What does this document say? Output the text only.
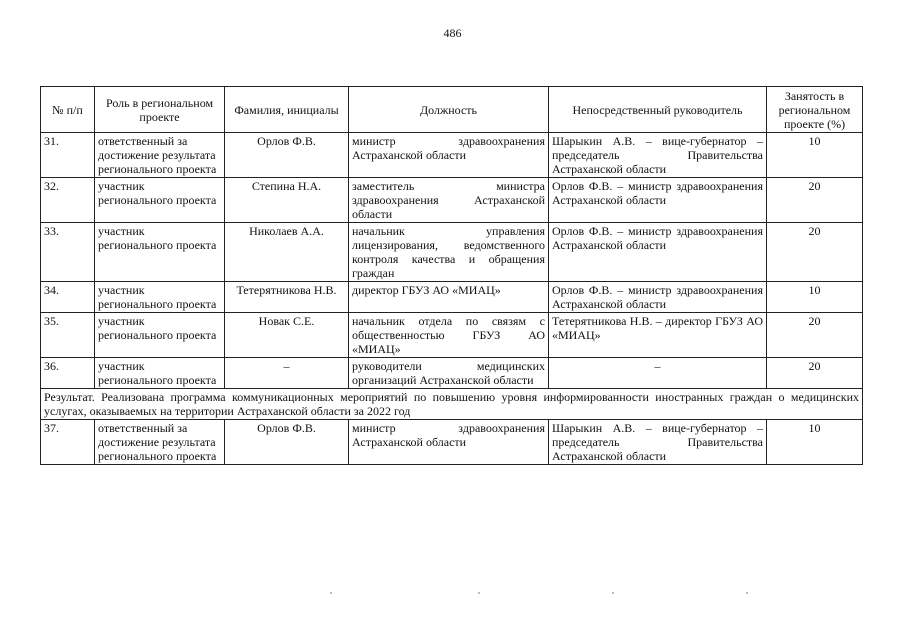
486
№ п/п	Роль в региональном проекте	Фамилия, инициалы	Должность	Непосредственный руководитель	Занятость в региональном проекте (%)
31.	ответственный за достижение результата регионального проекта	Орлов Ф.В.	министр здравоохранения Астраханской области	Шарыкин А.В. – вице-губернатор – председатель Правительства Астраханской области	10
32.	участник регионального проекта	Степина Н.А.	заместитель министра здравоохранения Астраханской области	Орлов Ф.В. – министр здравоохранения Астраханской области	20
33.	участник регионального проекта	Николаев А.А.	начальник управления лицензирования, ведомственного контроля качества и обращения граждан	Орлов Ф.В. – министр здравоохранения Астраханской области	20
34.	участник регионального проекта	Тетерятникова Н.В.	директор ГБУЗ АО «МИАЦ»	Орлов Ф.В. – министр здравоохранения Астраханской области	10
35.	участник регионального проекта	Новак С.Е.	начальник отдела по связям с общественностью ГБУЗ АО «МИАЦ»	Тетерятникова Н.В. – директор ГБУЗ АО «МИАЦ»	20
36.	участник регионального проекта	–	руководители медицинских организаций Астраханской области	–	20
Результат. Реализована программа коммуникационных мероприятий по повышению уровня информированности иностранных граждан о медицинских услугах, оказываемых на территории Астраханской области за 2022 год					
37.	ответственный за достижение результата регионального проекта	Орлов Ф.В.	министр здравоохранения Астраханской области	Шарыкин А.В. – вице-губернатор – председатель Правительства Астраханской области	10
